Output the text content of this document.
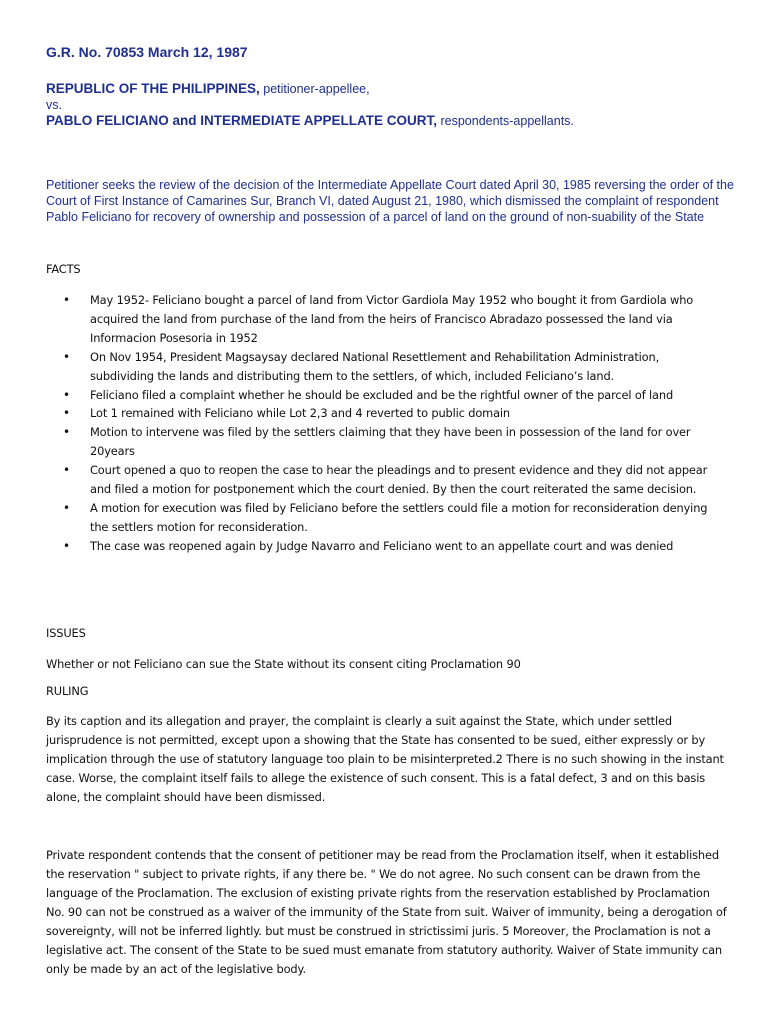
G.R. No. 70853 March 12, 1987
REPUBLIC OF THE PHILIPPINES, petitioner-appellee,
vs.
PABLO FELICIANO and INTERMEDIATE APPELLATE COURT, respondents-appellants.

Petitioner seeks the review of the decision of the Intermediate Appellate Court dated April 30, 1985 reversing the order of the Court of First Instance of Camarines Sur, Branch VI, dated August 21, 1980, which dismissed the complaint of respondent Pablo Feliciano for recovery of ownership and possession of a parcel of land on the ground of non-suability of the State

FACTS

• May 1952- Feliciano bought a parcel of land from Victor Gardiola May 1952 who bought it from Gardiola who acquired the land from purchase of the land from the heirs of Francisco Abradazo possessed the land via Informacion Posesoria in 1952
• On Nov 1954, President Magsaysay declared National Resettlement and Rehabilitation Administration, subdividing the lands and distributing them to the settlers, of which, included Feliciano’s land.
• Feliciano filed a complaint whether he should be excluded and be the rightful owner of the parcel of land
• Lot 1 remained with Feliciano while Lot 2,3 and 4 reverted to public domain
• Motion to intervene was filed by the settlers claiming that they have been in possession of the land for over 20years
• Court opened a quo to reopen the case to hear the pleadings and to present evidence and they did not appear and filed a motion for postponement which the court denied. By then the court reiterated the same decision.
• A motion for execution was filed by Feliciano before the settlers could file a motion for reconsideration denying the settlers motion for reconsideration.
• The case was reopened again by Judge Navarro and Feliciano went to an appellate court and was denied

ISSUES

Whether or not Feliciano can sue the State without its consent citing Proclamation 90

RULING

By its caption and its allegation and prayer, the complaint is clearly a suit against the State, which under settled jurisprudence is not permitted, except upon a showing that the State has consented to be sued, either expressly or by implication through the use of statutory language too plain to be misinterpreted.2 There is no such showing in the instant case. Worse, the complaint itself fails to allege the existence of such consent. This is a fatal defect, 3 and on this basis alone, the complaint should have been dismissed.

Private respondent contends that the consent of petitioner may be read from the Proclamation itself, when it established the reservation " subject to private rights, if any there be. " We do not agree. No such consent can be drawn from the language of the Proclamation. The exclusion of existing private rights from the reservation established by Proclamation No. 90 can not be construed as a waiver of the immunity of the State from suit. Waiver of immunity, being a derogation of sovereignty, will not be inferred lightly. but must be construed in strictissimi juris. 5 Moreover, the Proclamation is not a legislative act. The consent of the State to be sued must emanate from statutory authority. Waiver of State immunity can only be made by an act of the legislative body.
